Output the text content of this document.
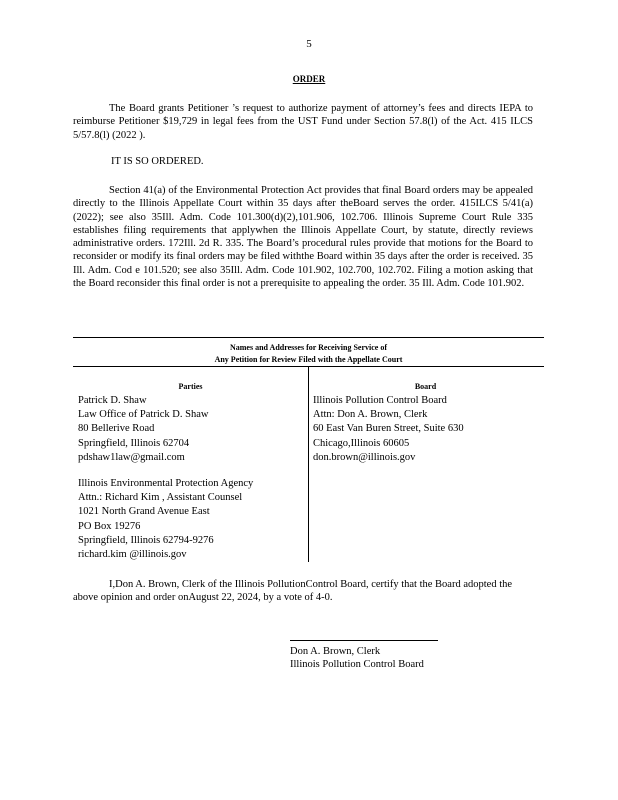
5
ORDER
The Board grants Petitioner ’s request to authorize payment of attorney’s fees and directs IEPA to reimburse Petitioner $19,729 in legal fees from the UST Fund under Section 57.8(l) of the Act. 415 ILCS 5/57.8(l) (2022 ).
IT IS SO ORDERED.
Section 41(a) of the Environmental Protection Act provides that final Board orders may be appealed directly to the Illinois Appellate Court within 35 days after theBoard serves the order. 415ILCS 5/41(a) (2022); see also 35Ill. Adm. Code 101.300(d)(2),101.906, 102.706. Illinois Supreme Court Rule 335 establishes filing requirements that applywhen the Illinois Appellate Court, by statute, directly reviews administrative orders. 172Ill. 2d R. 335. The Board’s procedural rules provide that motions for the Board to reconsider or modify its final orders may be filed withthe Board within 35 days after the order is received. 35 Ill. Adm. Cod e 101.520; see also 35Ill. Adm. Code 101.902, 102.700, 102.702. Filing a motion asking that the Board reconsider this final order is not a prerequisite to appealing the order. 35 Ill. Adm. Code 101.902.
Names and Addresses for Receiving Service of
Any Petition for Review Filed with the Appellate Court
Parties
Patrick D. Shaw
Law Office of Patrick D. Shaw
80 Bellerive Road
Springfield, Illinois 62704
pdshaw1law@gmail.com
Illinois Environmental Protection Agency
Attn.: Richard Kim , Assistant Counsel
1021 North Grand Avenue East
PO Box 19276
Springfield, Illinois 62794-9276
richard.kim @illinois.gov
Board
Illinois Pollution Control Board
Attn: Don A. Brown, Clerk
60 East Van Buren Street, Suite 630
Chicago,Illinois 60605
don.brown@illinois.gov
I,Don A. Brown, Clerk of the Illinois PollutionControl Board, certify that the Board adopted the above opinion and order onAugust 22, 2024, by a vote of 4-0.
Don A. Brown, Clerk
Illinois Pollution Control Board
